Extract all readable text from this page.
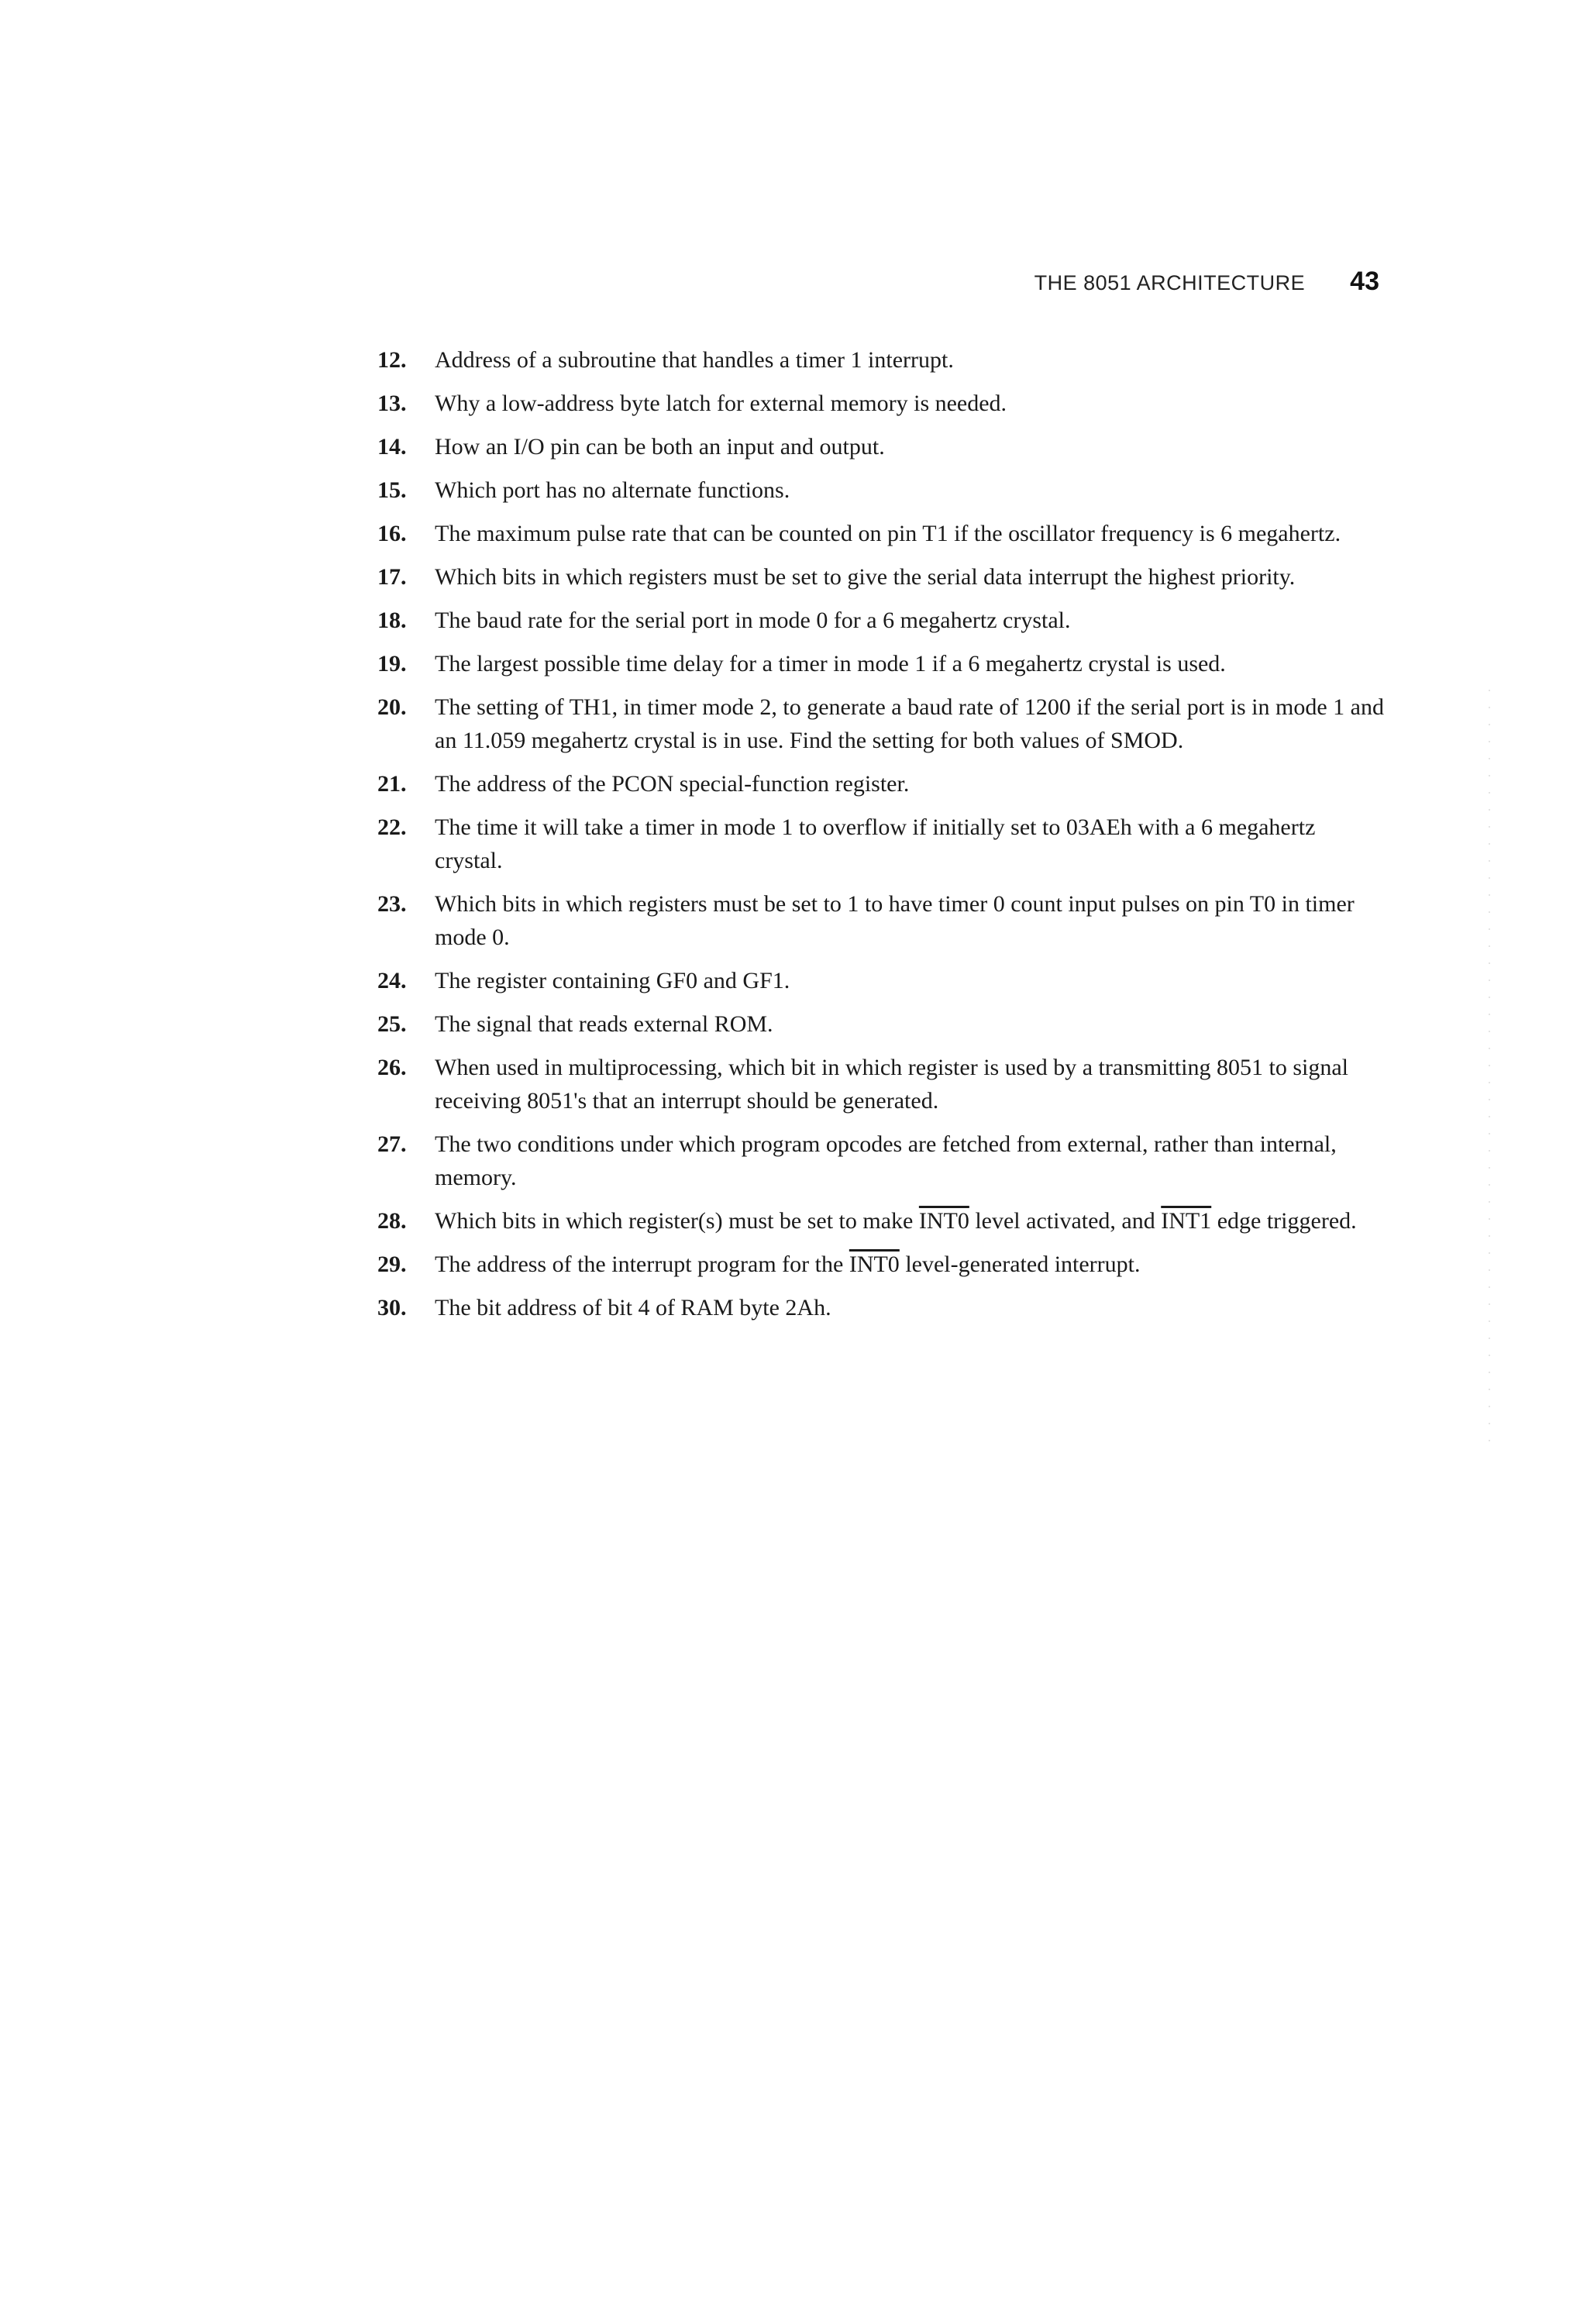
THE 8051 ARCHITECTURE 43
12. Address of a subroutine that handles a timer 1 interrupt.
13. Why a low-address byte latch for external memory is needed.
14. How an I/O pin can be both an input and output.
15. Which port has no alternate functions.
16. The maximum pulse rate that can be counted on pin T1 if the oscillator frequency is 6 megahertz.
17. Which bits in which registers must be set to give the serial data interrupt the highest priority.
18. The baud rate for the serial port in mode 0 for a 6 megahertz crystal.
19. The largest possible time delay for a timer in mode 1 if a 6 megahertz crystal is used.
20. The setting of TH1, in timer mode 2, to generate a baud rate of 1200 if the serial port is in mode 1 and an 11.059 megahertz crystal is in use. Find the setting for both values of SMOD.
21. The address of the PCON special-function register.
22. The time it will take a timer in mode 1 to overflow if initially set to 03AEh with a 6 megahertz crystal.
23. Which bits in which registers must be set to 1 to have timer 0 count input pulses on pin T0 in timer mode 0.
24. The register containing GF0 and GF1.
25. The signal that reads external ROM.
26. When used in multiprocessing, which bit in which register is used by a transmitting 8051 to signal receiving 8051's that an interrupt should be generated.
27. The two conditions under which program opcodes are fetched from external, rather than internal, memory.
28. Which bits in which register(s) must be set to make INT0 level activated, and INT1 edge triggered.
29. The address of the interrupt program for the INT0 level-generated interrupt.
30. The bit address of bit 4 of RAM byte 2Ah.
